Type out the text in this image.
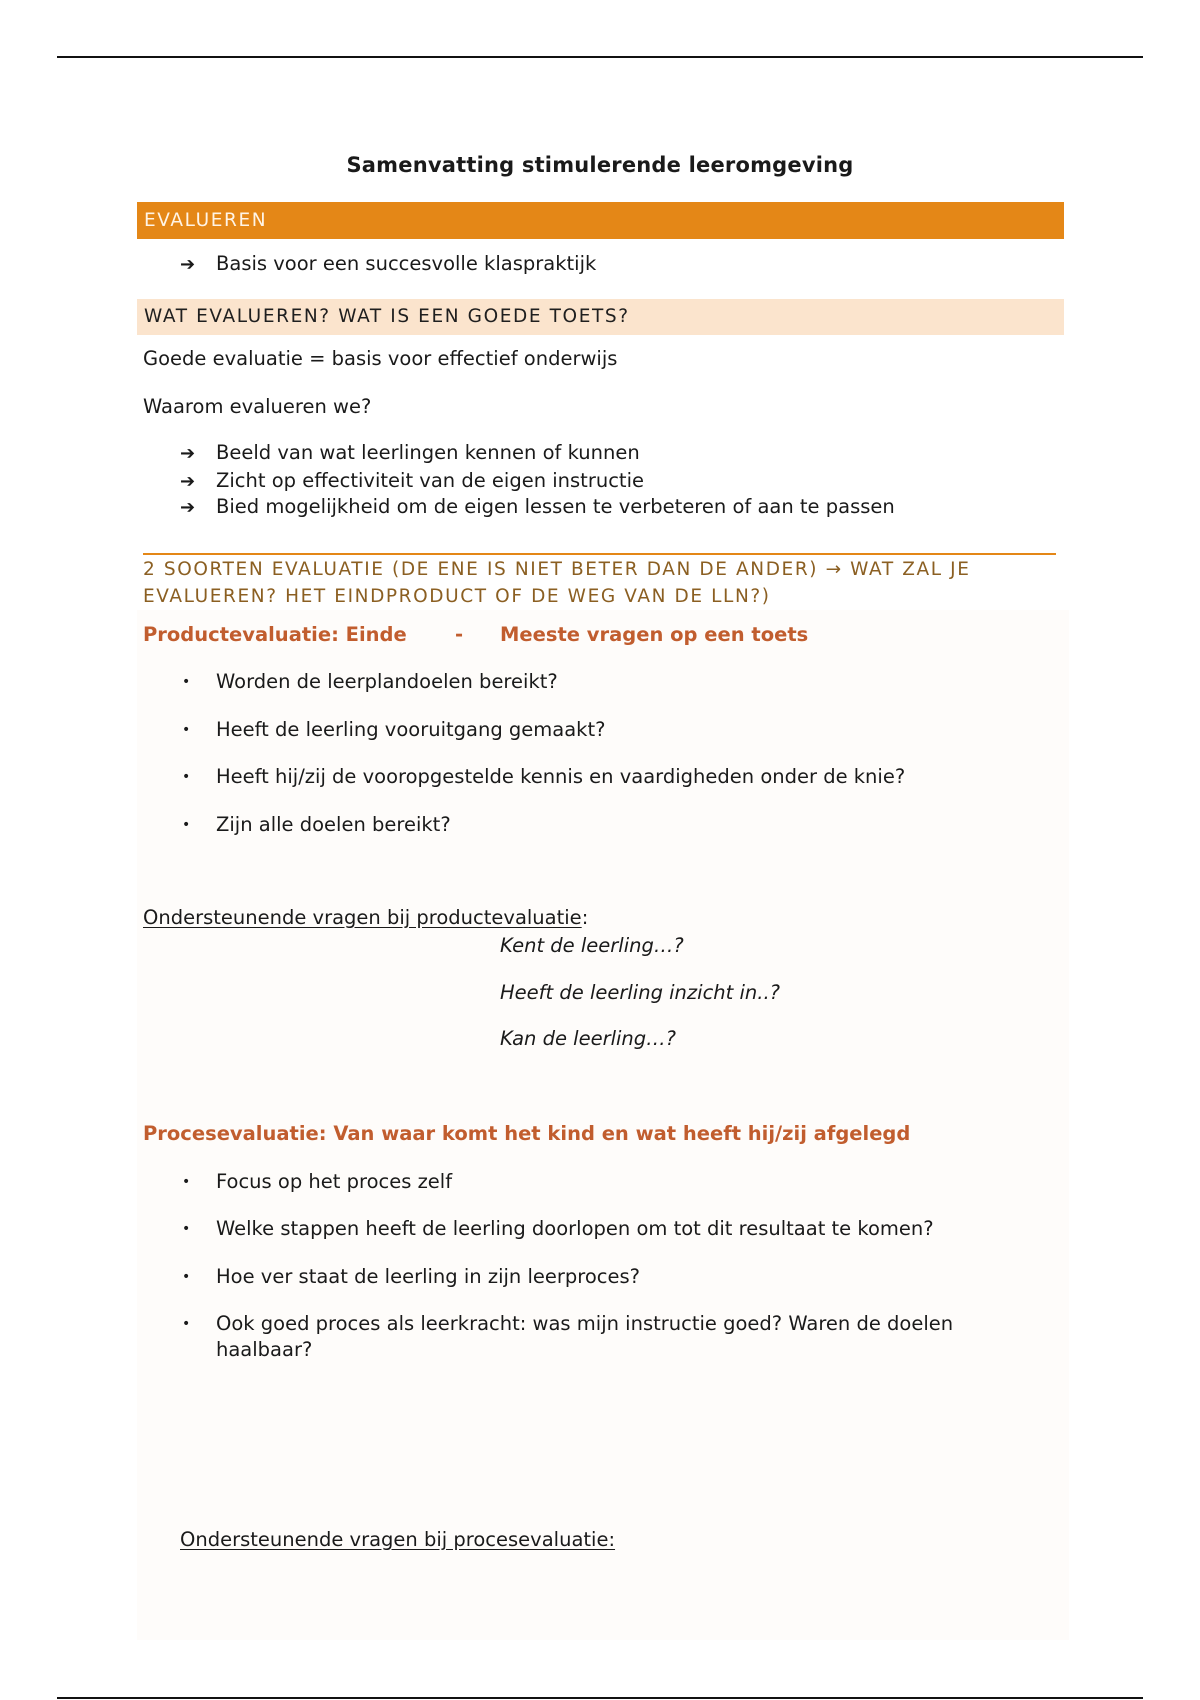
Samenvatting stimulerende leeromgeving
EVALUEREN
➔ Basis voor een succesvolle klaspraktijk
WAT EVALUEREN? WAT IS EEN GOEDE TOETS?
Goede evaluatie = basis voor effectief onderwijs
Waarom evalueren we?
➔ Beeld van wat leerlingen kennen of kunnen
➔ Zicht op effectiviteit van de eigen instructie
➔ Bied mogelijkheid om de eigen lessen te verbeteren of aan te passen
2 SOORTEN EVALUATIE (DE ENE IS NIET BETER DAN DE ANDER) → WAT ZAL JE EVALUEREN? HET EINDPRODUCT OF DE WEG VAN DE LLN?)
Productevaluatie: Einde - Meeste vragen op een toets
• Worden de leerplandoelen bereikt?
• Heeft de leerling vooruitgang gemaakt?
• Heeft hij/zij de vooropgestelde kennis en vaardigheden onder de knie?
• Zijn alle doelen bereikt?
Ondersteunende vragen bij productevaluatie:
Kent de leerling…?
Heeft de leerling inzicht in..?
Kan de leerling…?
Procesevaluatie: Van waar komt het kind en wat heeft hij/zij afgelegd
• Focus op het proces zelf
• Welke stappen heeft de leerling doorlopen om tot dit resultaat te komen?
• Hoe ver staat de leerling in zijn leerproces?
• Ook goed proces als leerkracht: was mijn instructie goed? Waren de doelen
haalbaar?
Ondersteunende vragen bij procesevaluatie:
